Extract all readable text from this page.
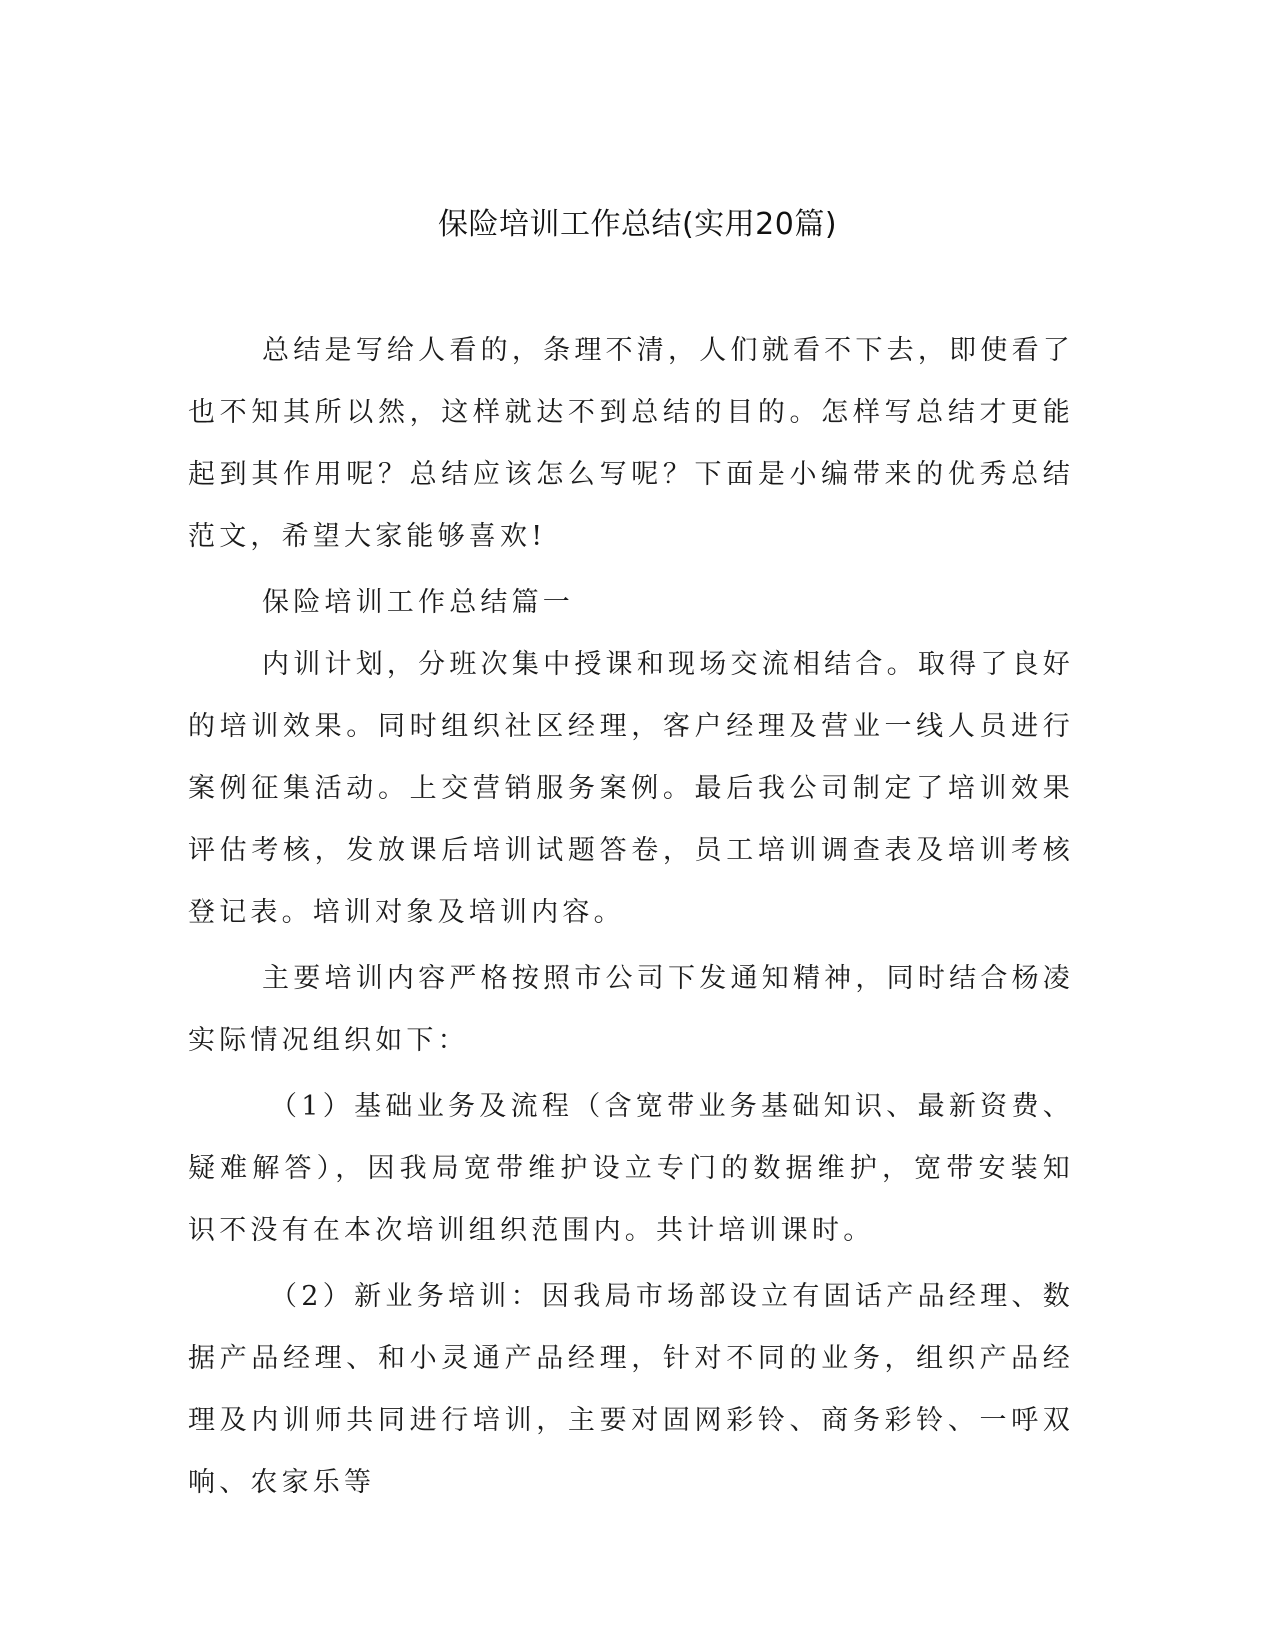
保险培训工作总结(实用20篇)

总结是写给人看的，条理不清，人们就看不下去，即使看了也不知其所以然，这样就达不到总结的目的。怎样写总结才更能起到其作用呢？总结应该怎么写呢？下面是小编带来的优秀总结范文，希望大家能够喜欢!

保险培训工作总结篇一

内训计划，分班次集中授课和现场交流相结合。取得了良好的培训效果。同时组织社区经理，客户经理及营业一线人员进行案例征集活动。上交营销服务案例。最后我公司制定了培训效果评估考核，发放课后培训试题答卷，员工培训调查表及培训考核登记表。培训对象及培训内容。

主要培训内容严格按照市公司下发通知精神，同时结合杨凌实际情况组织如下：

（1）基础业务及流程（含宽带业务基础知识、最新资费、疑难解答），因我局宽带维护设立专门的数据维护，宽带安装知识不没有在本次培训组织范围内。共计培训课时。

（2）新业务培训：因我局市场部设立有固话产品经理、数据产品经理、和小灵通产品经理，针对不同的业务，组织产品经理及内训师共同进行培训，主要对固网彩铃、商务彩铃、一呼双响、农家乐等
